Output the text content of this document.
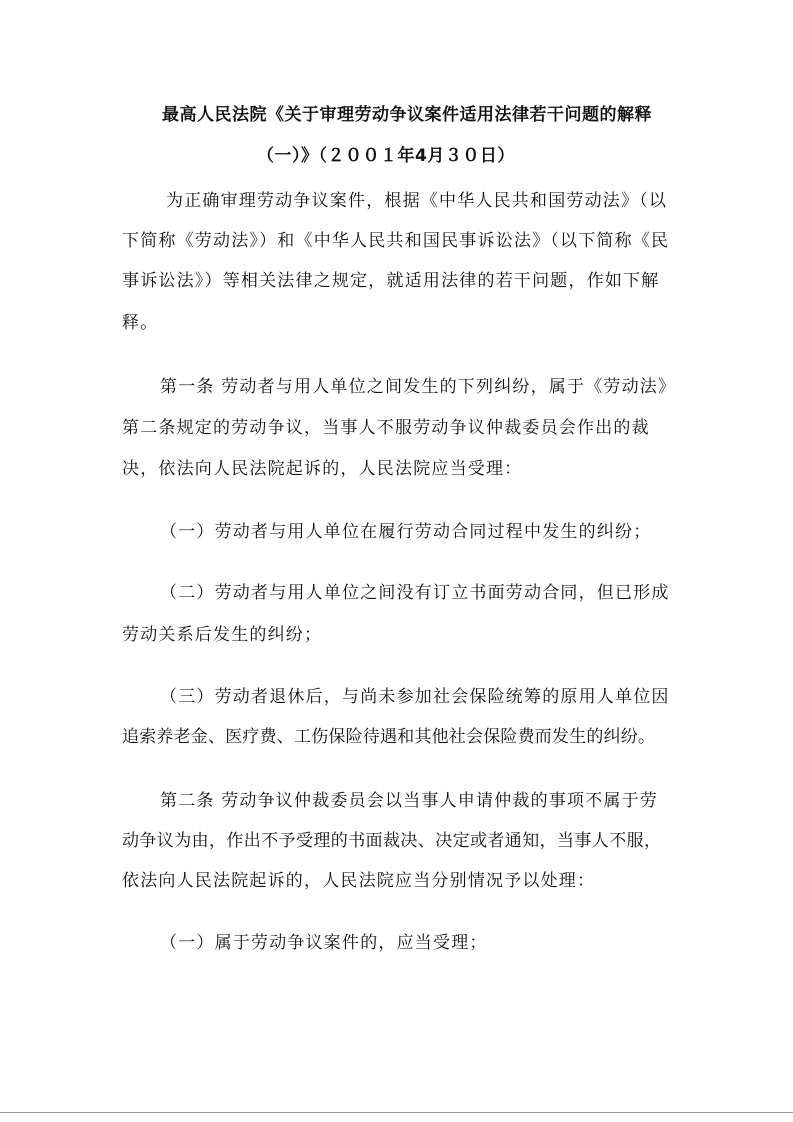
最高人民法院《关于审理劳动争议案件适用法律若干问题的解释
（一）》（２００１年4月３０日）
为正确审理劳动争议案件，根据《中华人民共和国劳动法》（以
下简称《劳动法》）和《中华人民共和国民事诉讼法》（以下简称《民
事诉讼法》）等相关法律之规定，就适用法律的若干问题，作如下解
释。
第一条 劳动者与用人单位之间发生的下列纠纷，属于《劳动法》
第二条规定的劳动争议，当事人不服劳动争议仲裁委员会作出的裁
决，依法向人民法院起诉的，人民法院应当受理：
（一）劳动者与用人单位在履行劳动合同过程中发生的纠纷；
（二）劳动者与用人单位之间没有订立书面劳动合同，但已形成
劳动关系后发生的纠纷；
（三）劳动者退休后，与尚未参加社会保险统筹的原用人单位因
追索养老金、医疗费、工伤保险待遇和其他社会保险费而发生的纠纷。
第二条 劳动争议仲裁委员会以当事人申请仲裁的事项不属于劳
动争议为由，作出不予受理的书面裁决、决定或者通知，当事人不服，
依法向人民法院起诉的，人民法院应当分别情况予以处理：
（一）属于劳动争议案件的，应当受理；
